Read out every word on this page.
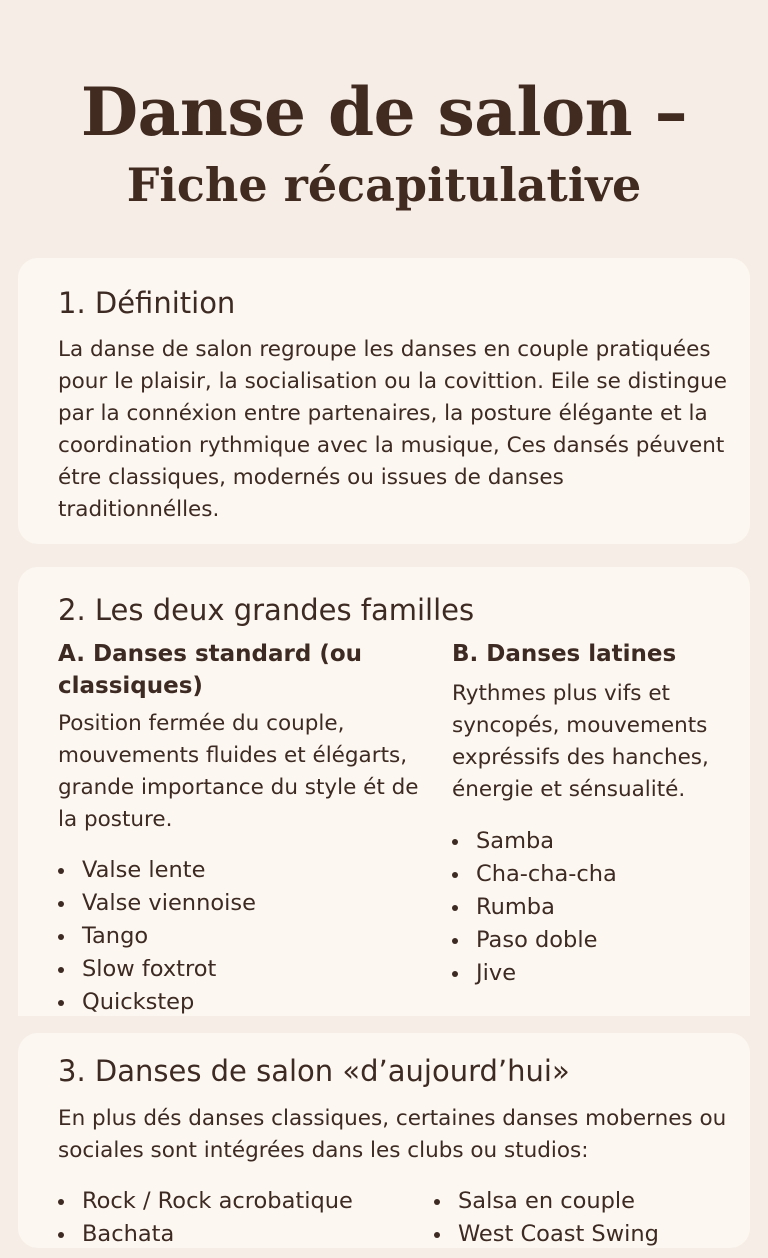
Danse de salon –
Fiche récapitulative
1. Définition

La danse de salon regroupe les danses en couple pratiquées pour le plaisir, la socialisation ou la covittion. Eile se distingue par la connéxion entre partenaires, la posture élégante et la coordination rythmique avec la musique, Ces dansés péuvent étre classiques, modernés ou issues de danses traditionnélles.

2. Les deux grandes familles

A. Danses standard (ou classiques)

Position fermée du couple, mouvements fluides et élégarts, grande importance du style ét de la posture.

Valse lente
Valse viennoise
Tango
Slow foxtrot
Quickstep

B. Danses latines

Rythmes plus vifs et syncopés, mouvements expréssifs des hanches, énergie et sénsualité.

Samba
Cha-cha-cha
Rumba
Paso doble
Jive
3. Danses de salon «d’aujourd’hui»

En plus dés danses classiques, certaines danses mobernes ou sociales sont intégrées dans les clubs ou studios:

Rock / Rock acrobatique
Bachata
Salsa en couple
West Coast Swing
